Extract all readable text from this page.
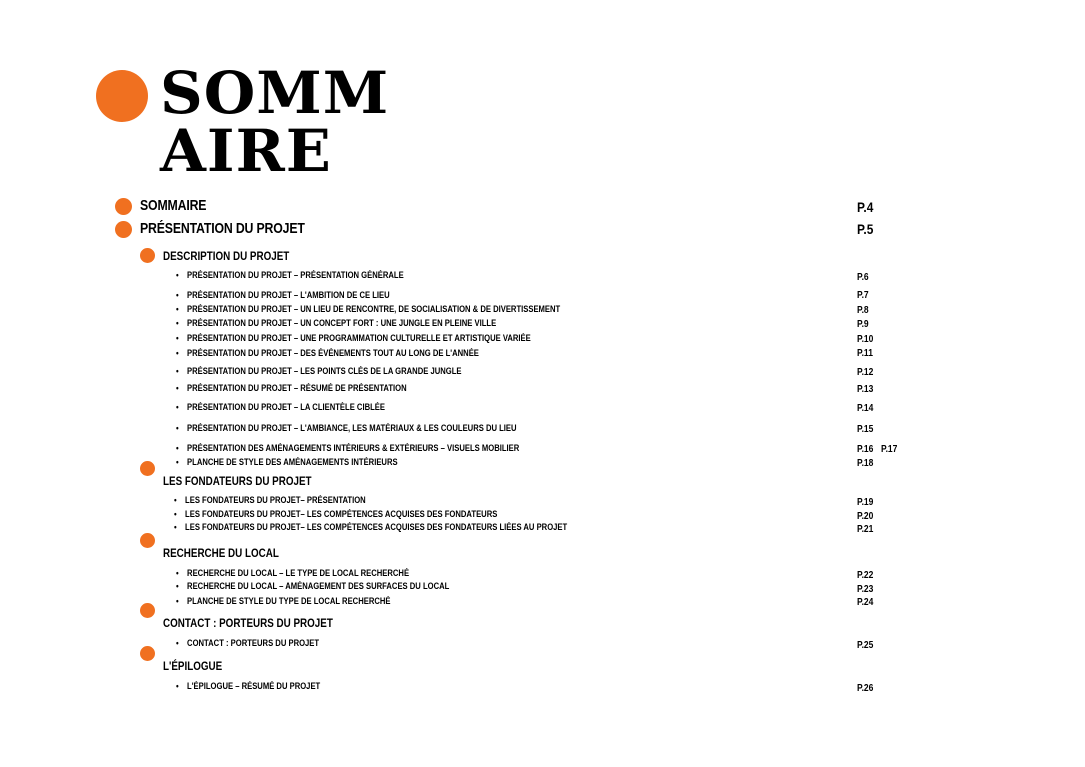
SOMM
AIRE
SOMMAIRE	P.4
PRÉSENTATION DU PROJET	P.5
DESCRIPTION DU PROJET
• PRÉSENTATION DU PROJET – PRÉSENTATION GÉNÉRALE	P.6
• PRÉSENTATION DU PROJET – L'AMBITION DE CE LIEU	P.7
• PRÉSENTATION DU PROJET – UN LIEU DE RENCONTRE, DE SOCIALISATION & DE DIVERTISSEMENT	P.8
• PRÉSENTATION DU PROJET – UN CONCEPT FORT : UNE JUNGLE EN PLEINE VILLE	P.9
• PRÉSENTATION DU PROJET – UNE PROGRAMMATION CULTURELLE ET ARTISTIQUE VARIÉE	P.10
• PRÉSENTATION DU PROJET – DES ÉVÉNEMENTS TOUT AU LONG DE L'ANNÉE	P.11
• PRÉSENTATION DU PROJET – LES POINTS CLÉS DE LA GRANDE JUNGLE	P.12
• PRÉSENTATION DU PROJET – RÉSUMÉ DE PRÉSENTATION	P.13
• PRÉSENTATION DU PROJET – LA CLIENTÈLE CIBLÉE	P.14
• PRÉSENTATION DU PROJET – L'AMBIANCE, LES MATÉRIAUX & LES COULEURS DU LIEU	P.15
• PRÉSENTATION DES AMÉNAGEMENTS INTÉRIEURS & EXTÉRIEURS – VISUELS MOBILIER	P.16 P.17
• PLANCHE DE STYLE DES AMÉNAGEMENTS INTÉRIEURS	P.18
LES FONDATEURS DU PROJET
• LES FONDATEURS DU PROJET– PRÉSENTATION	P.19
• LES FONDATEURS DU PROJET– LES COMPÉTENCES ACQUISES DES FONDATEURS	P.20
• LES FONDATEURS DU PROJET– LES COMPÉTENCES ACQUISES DES FONDATEURS LIÉES AU PROJET	P.21
RECHERCHE DU LOCAL
• RECHERCHE DU LOCAL – LE TYPE DE LOCAL RECHERCHÉ	P.22
• RECHERCHE DU LOCAL – AMÉNAGEMENT DES SURFACES DU LOCAL	P.23
• PLANCHE DE STYLE DU TYPE DE LOCAL RECHERCHÉ	P.24
CONTACT : PORTEURS DU PROJET
• CONTACT : PORTEURS DU PROJET	P.25
L'ÉPILOGUE
• L'ÉPILOGUE – RÉSUMÉ DU PROJET	P.26
